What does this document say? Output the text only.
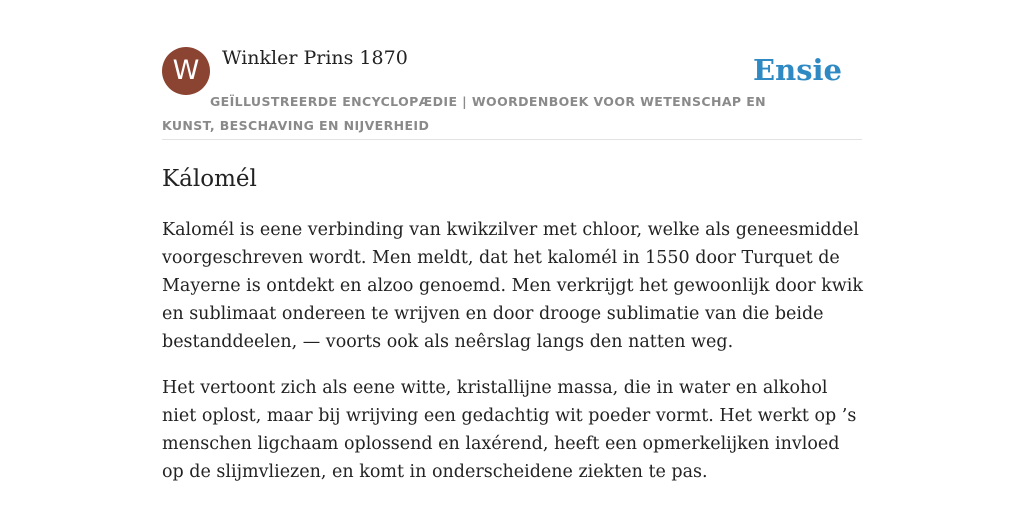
W	Winkler Prins 1870
GEÏLLUSTREERDE ENCYCLOPÆDIE | WOORDENBOEK VOOR WETENSCHAP EN KUNST, BESCHAVING EN NIJVERHEID
Ensie
Kálomél

Kalomél is eene verbinding van kwikzilver met chloor, welke als geneesmiddel voorgeschreven wordt. Men meldt, dat het kalomél in 1550 door Turquet de Mayerne is ontdekt en alzoo genoemd. Men verkrijgt het gewoonlijk door kwik en sublimaat ondereen te wrijven en door drooge sublimatie van die beide bestanddeelen, — voorts ook als neêrslag langs den natten weg.

Het vertoont zich als eene witte, kristallijne massa, die in water en alkohol niet oplost, maar bij wrijving een gedachtig wit poeder vormt. Het werkt op ’s menschen ligchaam oplossend en laxérend, heeft een opmerkelijken invloed op de slijmvliezen, en komt in onderscheidene ziekten te pas.
